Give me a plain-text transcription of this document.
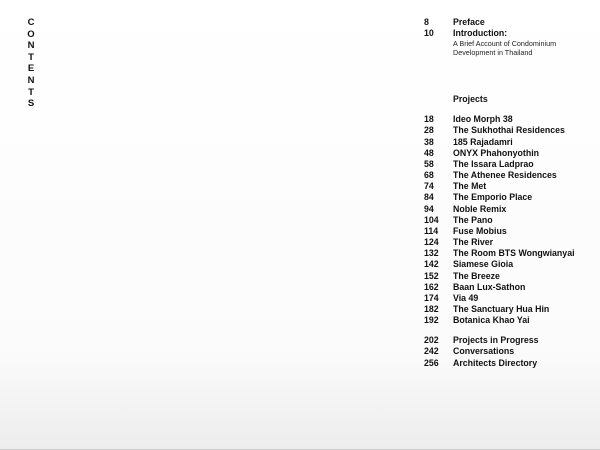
C
O
N
T
E
N
T
S
8	Preface
10	Introduction:
A Brief Account of Condominium Development in Thailand
Projects
18	Ideo Morph 38
28	The Sukhothai Residences
38	185 Rajadamri
48	ONYX Phahonyothin
58	The Issara Ladprao
68	The Athenee Residences
74	The Met
84	The Emporio Place
94	Noble Remix
104	The Pano
114	Fuse Mobius
124	The River
132	The Room BTS Wongwianyai
142	Siamese Gioia
152	The Breeze
162	Baan Lux-Sathon
174	Via 49
182	The Sanctuary Hua Hin
192	Botanica Khao Yai
202	Projects in Progress
242	Conversations
256	Architects Directory
